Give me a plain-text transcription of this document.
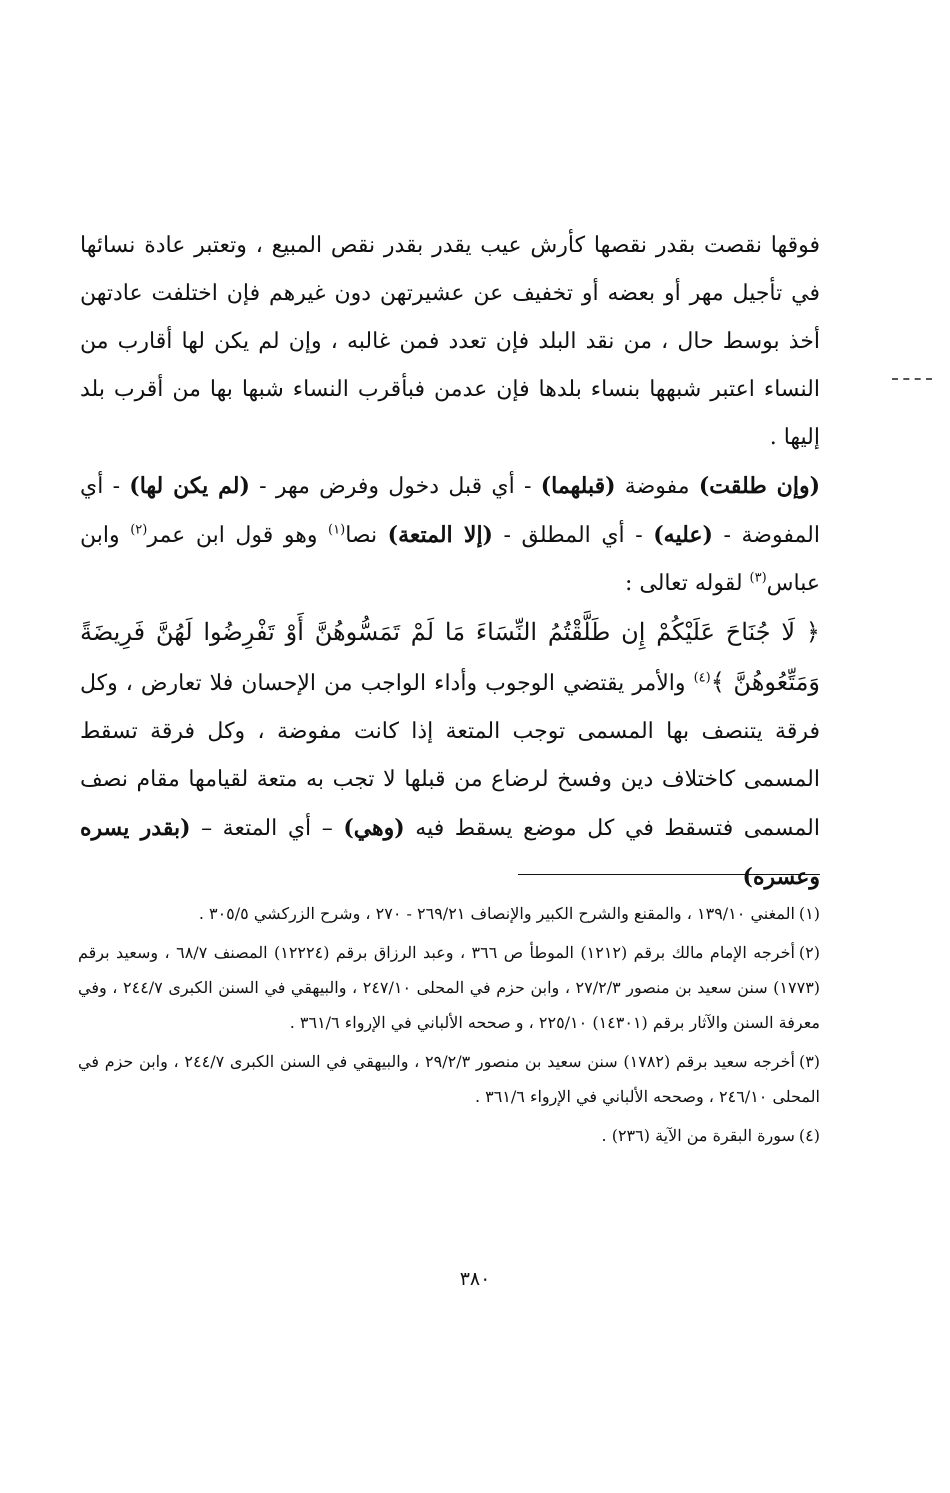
فوقها نقصت بقدر نقصها كأرش عيب يقدر بقدر نقص المبيع ، وتعتبر عادة نسائها في تأجيل مهر أو بعضه أو تخفيف عن عشيرتهن دون غيرهم فإن اختلفت عادتهن أخذ بوسط حال ، من نقد البلد فإن تعدد فمن غالبه ، وإن لم يكن لها أقارب من النساء اعتبر شبهها بنساء بلدها فإن عدمن فبأقرب النساء شبها بها من أقرب بلد إليها .

(وإن طلقت) مفوضة (قبلهما) - أي قبل دخول وفرض مهر - (لم يكن لها) - أي المفوضة - (عليه) - أي المطلق - (إلا المتعة) نصا$^{(١)}$ وهو قول ابن عمر$^{(٢)}$ وابن عباس$^{(٣)}$ لقوله تعالى :

﴿ لَا جُنَاحَ عَلَيْكُمْ إِن طَلَّقْتُمُ النِّسَاءَ مَا لَمْ تَمَسُّوهُنَّ أَوْ تَفْرِضُوا لَهُنَّ فَرِيضَةً وَمَتِّعُوهُنَّ ﴾$^{(٤)}$ والأمر يقتضي الوجوب وأداء الواجب من الإحسان فلا تعارض ، وكل فرقة يتنصف بها المسمى توجب المتعة إذا كانت مفوضة ، وكل فرقة تسقط المسمى كاختلاف دين وفسخ لرضاع من قبلها لا تجب به متعة لقيامها مقام نصف المسمى فتسقط في كل موضع يسقط فيه (وهي) – أي المتعة – (بقدر يسره وعسره)

(١)المغني ١٣٩/١٠ ، والمقنع والشرح الكبير والإنصاف ٢٦٩/٢١ - ٢٧٠ ، وشرح الزركشي ٣٠٥/٥ .

(٢)أخرجه الإمام مالك برقم (١٢١٢) الموطأ ص ٣٦٦ ، وعبد الرزاق برقم (١٢٢٢٤) المصنف ٦٨/٧ ، وسعيد برقم (١٧٧٣) سنن سعيد بن منصور ٢٧/٢/٣ ، وابن حزم في المحلى ٢٤٧/١٠ ، والبيهقي في السنن الكبرى ٢٤٤/٧ ، وفي معرفة السنن والآثار برقم (١٤٣٠١) ٢٢٥/١٠ ، و صححه الألباني في الإرواء ٣٦١/٦ .

(٣)أخرجه سعيد برقم (١٧٨٢) سنن سعيد بن منصور ٢٩/٢/٣ ، والبيهقي في السنن الكبرى ٢٤٤/٧ ، وابن حزم في المحلى ٢٤٦/١٠ ، وصححه الألباني في الإرواء ٣٦١/٦ .

(٤)سورة البقرة من الآية (٢٣٦) .

٣٨٠
